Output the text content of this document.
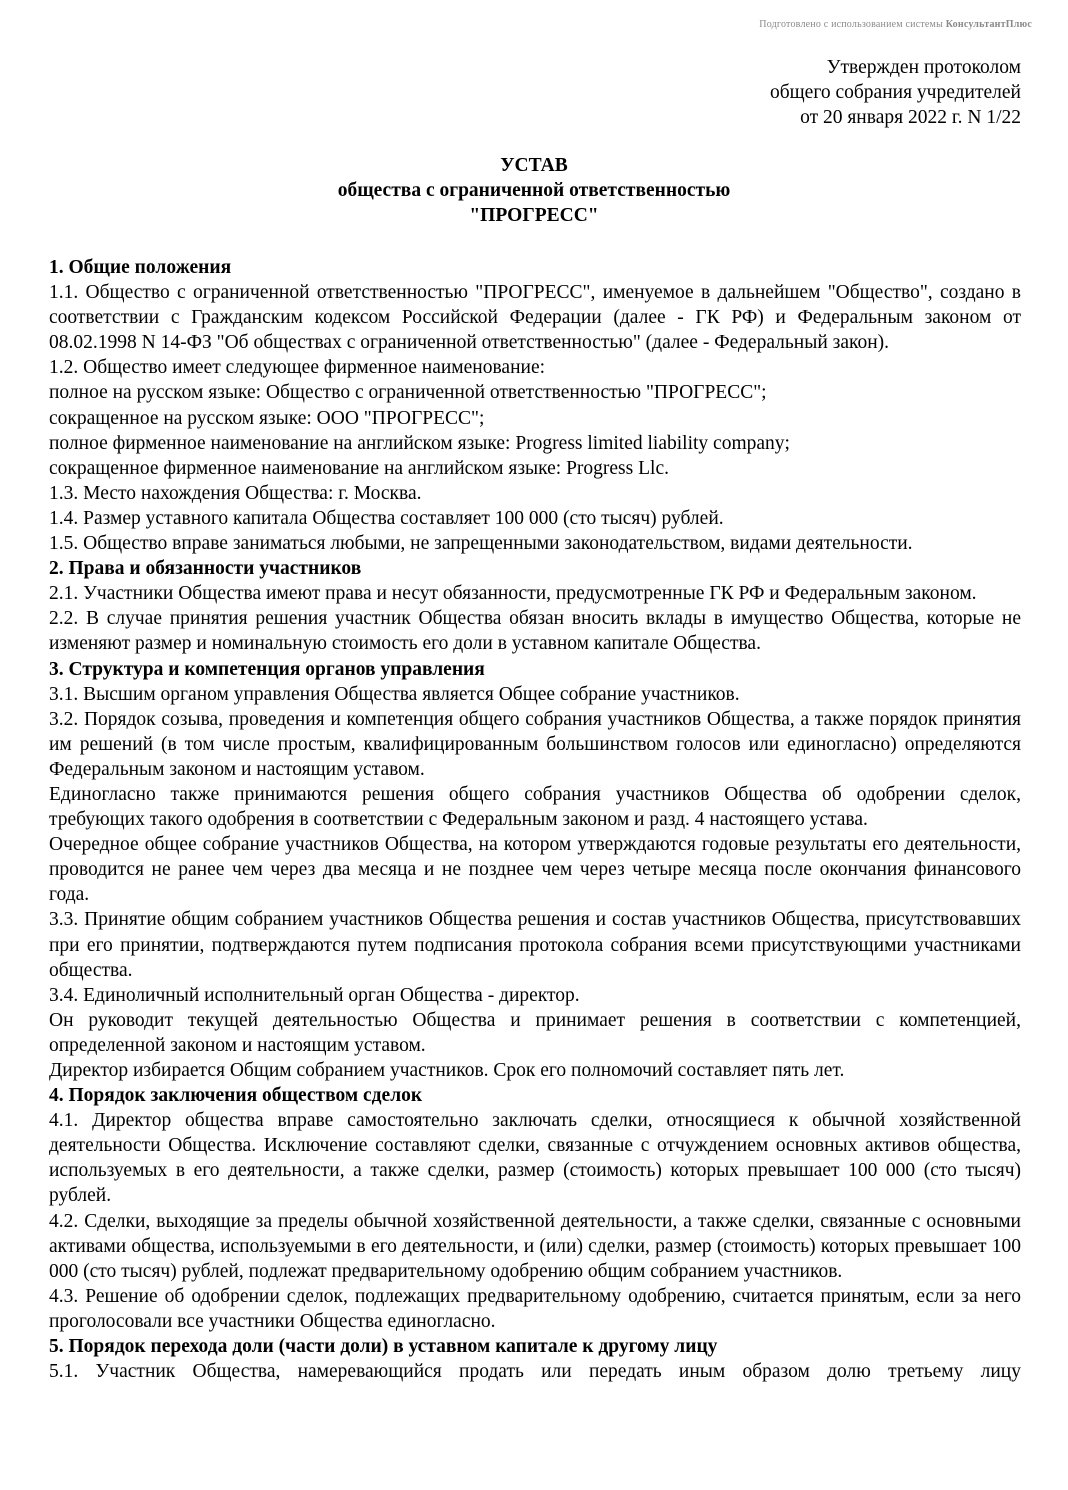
Подготовлено с использованием системы КонсультантПлюс
Утвержден протоколом
общего собрания учредителей
от 20 января 2022 г. N 1/22
УСТАВ
общества с ограниченной ответственностью
"ПРОГРЕСС"

1. Общие положения

1.1. Общество с ограниченной ответственностью "ПРОГРЕСС", именуемое в дальнейшем "Общество", создано в соответствии с Гражданским кодексом Российской Федерации (далее - ГК РФ) и Федеральным законом от 08.02.1998 N 14-ФЗ "Об обществах с ограниченной ответственностью" (далее - Федеральный закон).

1.2. Общество имеет следующее фирменное наименование:

полное на русском языке: Общество с ограниченной ответственностью "ПРОГРЕСС";

сокращенное на русском языке: ООО "ПРОГРЕСС";

полное фирменное наименование на английском языке: Progress limited liability company;

сокращенное фирменное наименование на английском языке: Progress Llc.

1.3. Место нахождения Общества: г. Москва.

1.4. Размер уставного капитала Общества составляет 100 000 (сто тысяч) рублей.

1.5. Общество вправе заниматься любыми, не запрещенными законодательством, видами деятельности.

2. Права и обязанности участников

2.1. Участники Общества имеют права и несут обязанности, предусмотренные ГК РФ и Федеральным законом.

2.2. В случае принятия решения участник Общества обязан вносить вклады в имущество Общества, которые не изменяют размер и номинальную стоимость его доли в уставном капитале Общества.

3. Структура и компетенция органов управления

3.1. Высшим органом управления Общества является Общее собрание участников.

3.2. Порядок созыва, проведения и компетенция общего собрания участников Общества, а также порядок принятия им решений (в том числе простым, квалифицированным большинством голосов или единогласно) определяются Федеральным законом и настоящим уставом.

Единогласно также принимаются решения общего собрания участников Общества об одобрении сделок, требующих такого одобрения в соответствии с Федеральным законом и разд. 4 настоящего устава.

Очередное общее собрание участников Общества, на котором утверждаются годовые результаты его деятельности, проводится не ранее чем через два месяца и не позднее чем через четыре месяца после окончания финансового года.

3.3. Принятие общим собранием участников Общества решения и состав участников Общества, присутствовавших при его принятии, подтверждаются путем подписания протокола собрания всеми присутствующими участниками общества.

3.4. Единоличный исполнительный орган Общества - директор.

Он руководит текущей деятельностью Общества и принимает решения в соответствии с компетенцией, определенной законом и настоящим уставом.

Директор избирается Общим собранием участников. Срок его полномочий составляет пять лет.

4. Порядок заключения обществом сделок

4.1. Директор общества вправе самостоятельно заключать сделки, относящиеся к обычной хозяйственной деятельности Общества. Исключение составляют сделки, связанные с отчуждением основных активов общества, используемых в его деятельности, а также сделки, размер (стоимость) которых превышает 100 000 (сто тысяч) рублей.

4.2. Сделки, выходящие за пределы обычной хозяйственной деятельности, а также сделки, связанные с основными активами общества, используемыми в его деятельности, и (или) сделки, размер (стоимость) которых превышает 100 000 (сто тысяч) рублей, подлежат предварительному одобрению общим собранием участников.

4.3. Решение об одобрении сделок, подлежащих предварительному одобрению, считается принятым, если за него проголосовали все участники Общества единогласно.

5. Порядок перехода доли (части доли) в уставном капитале к другому лицу

5.1. Участник Общества, намеревающийся продать или передать иным образом долю третьему лицу
